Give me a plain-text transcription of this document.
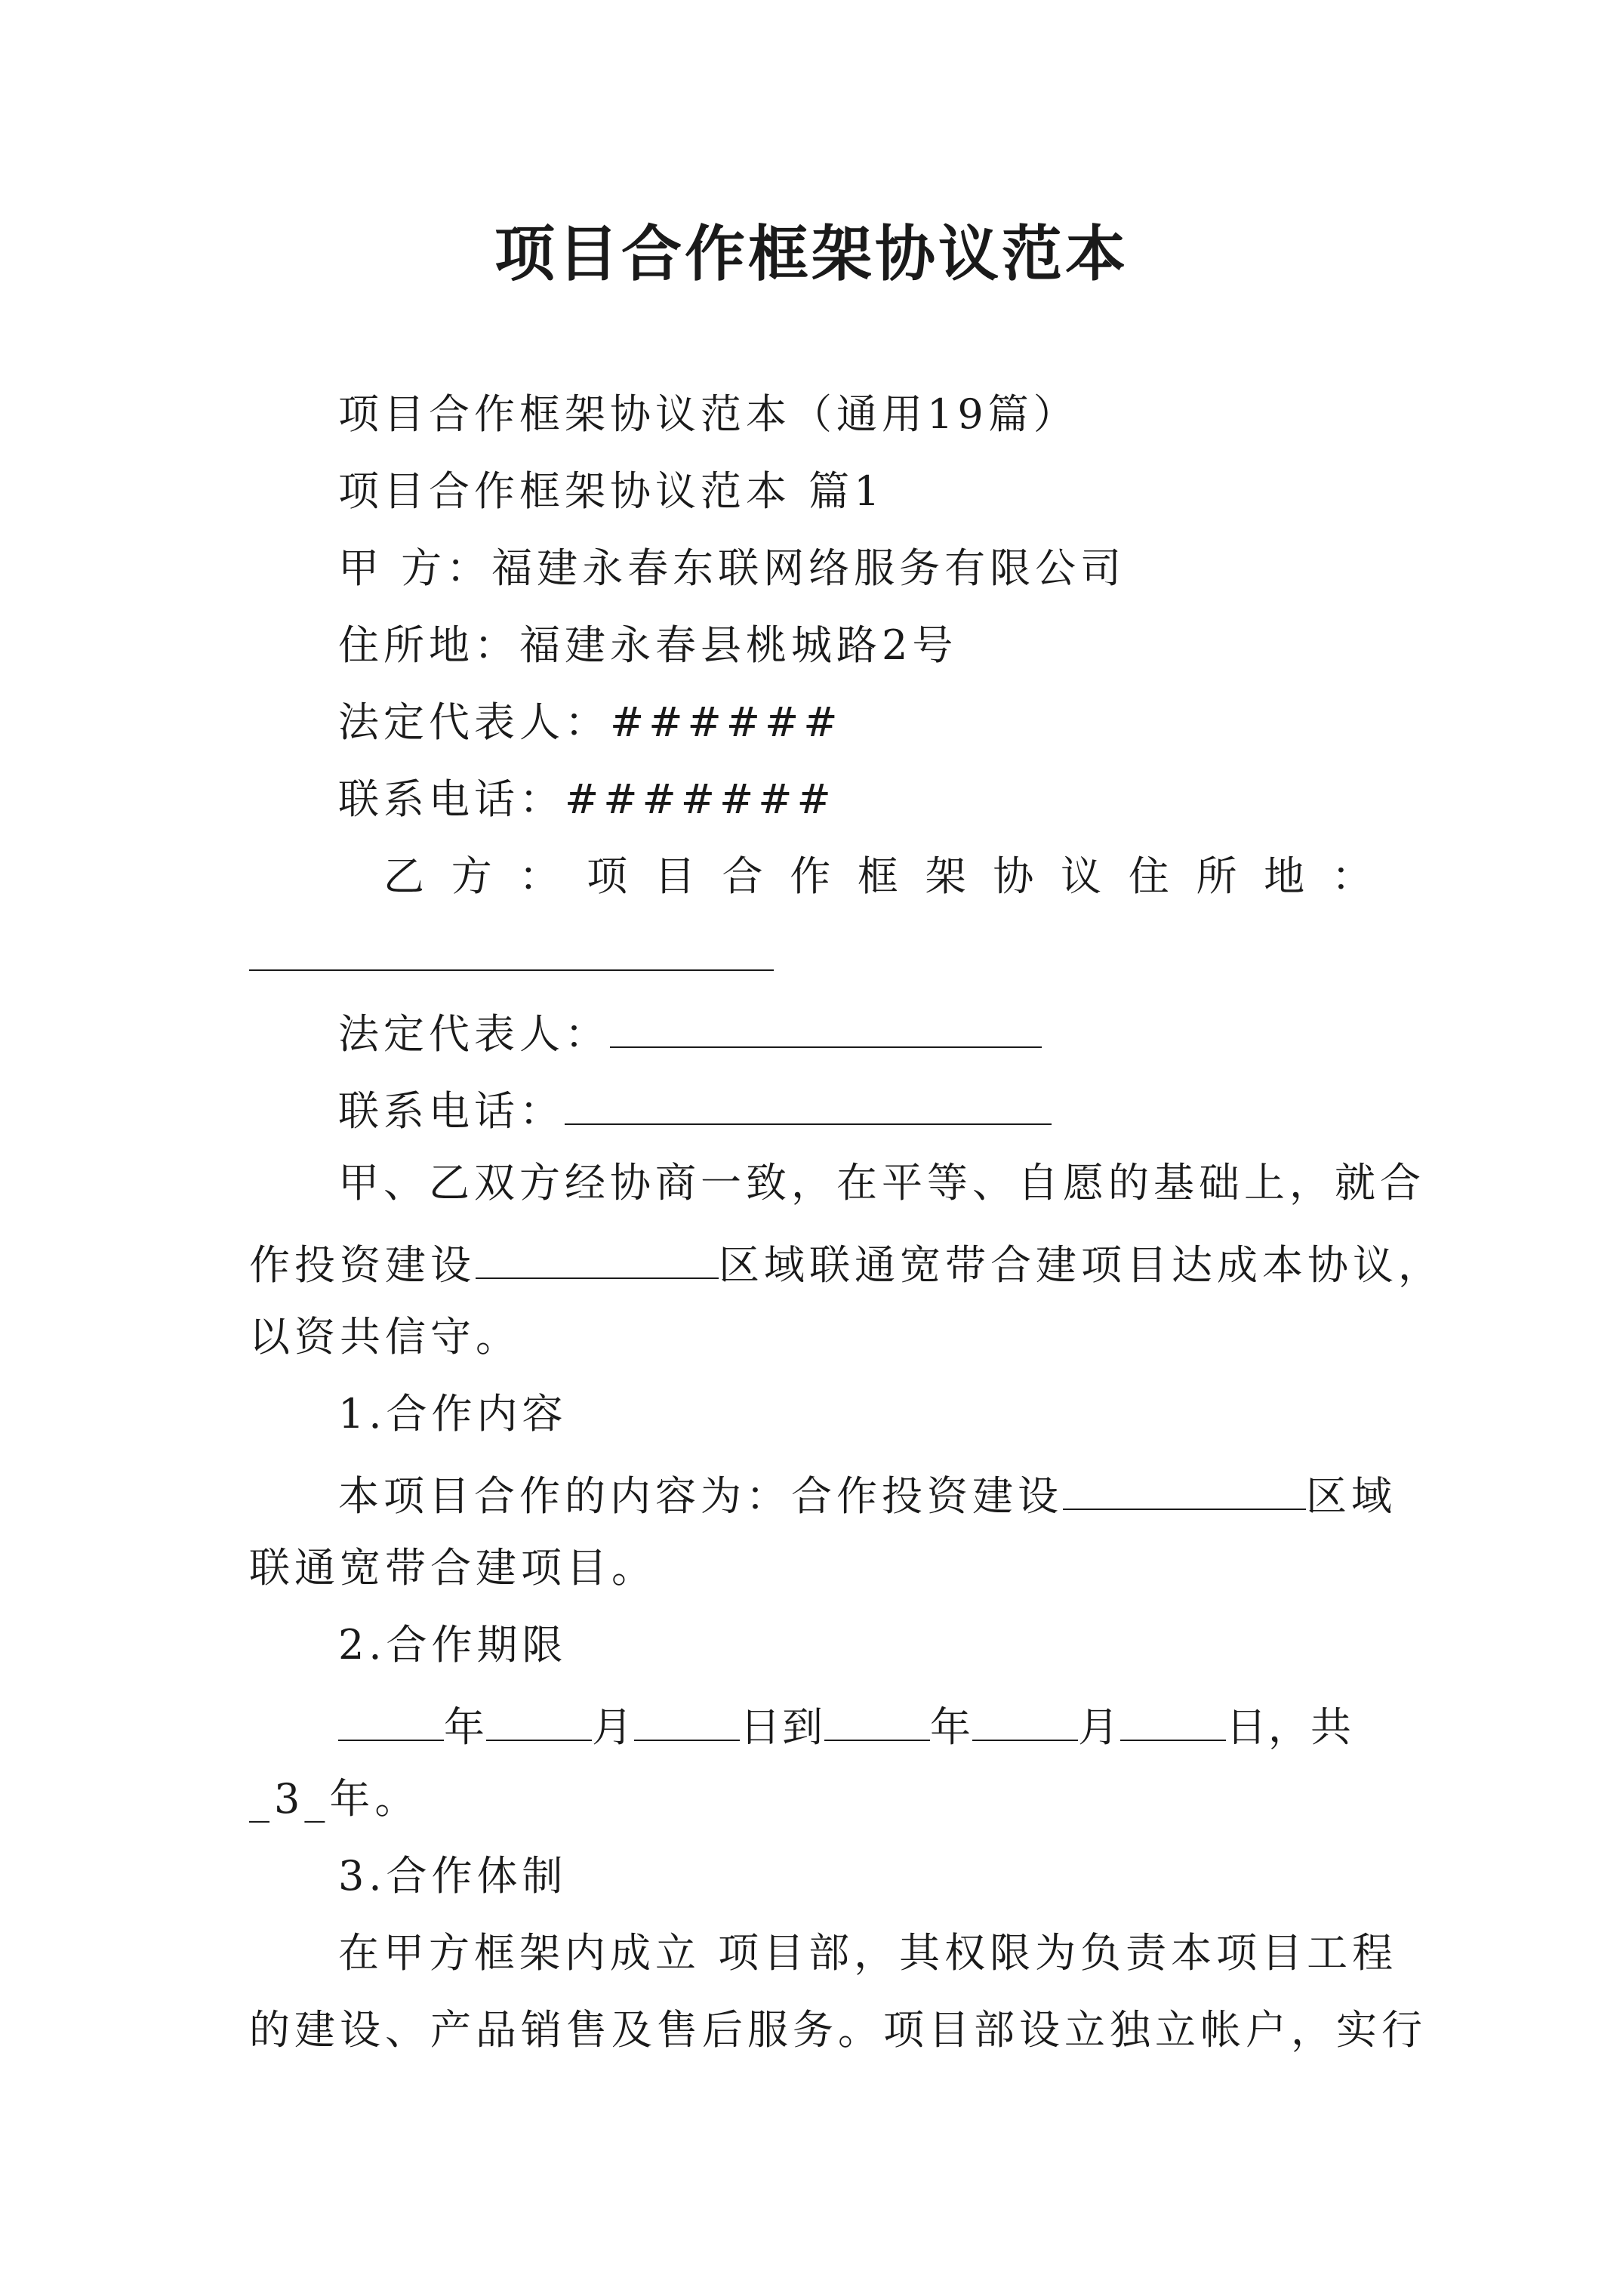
项目合作框架协议范本
项目合作框架协议范本（通用19篇）
项目合作框架协议范本 篇1
甲 方：福建永春东联网络服务有限公司
住所地：福建永春县桃城路2号
法定代表人：######
联系电话：#######
乙 方 ： 项 目 合 作 框 架 协 议 住 所 地 ：
法定代表人：
联系电话：
甲、乙双方经协商一致，在平等、自愿的基础上，就合
作投资建设	区域联通宽带合建项目达成本协议，
以资共信守。
1.合作内容
本项目合作的内容为：合作投资建设	区域
联通宽带合建项目。
2.合作期限
年	月	日到	年	月	日，共
_3_年。
3.合作体制
在甲方框架内成立 项目部，其权限为负责本项目工程
的建设、产品销售及售后服务。项目部设立独立帐户，实行
